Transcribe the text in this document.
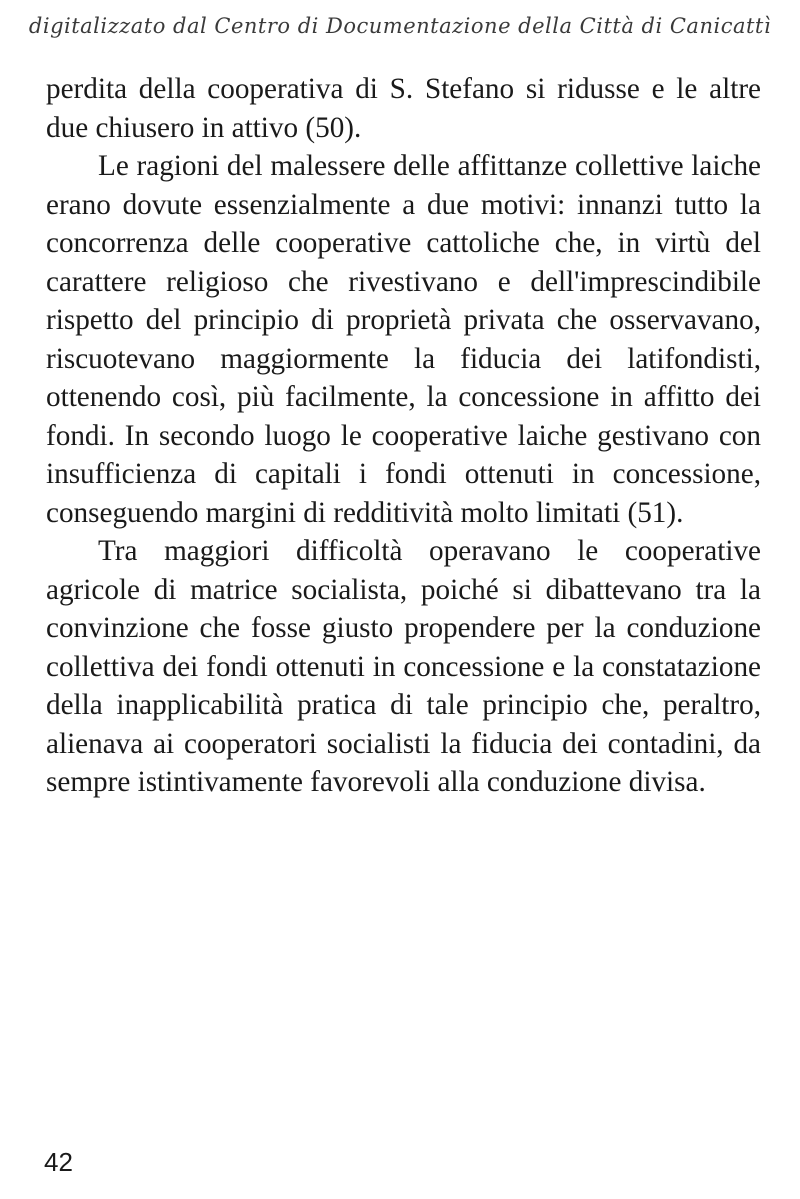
digitalizzato dal Centro di Documentazione della Città di Canicattì

perdita della cooperativa di S. Stefano si ridusse e le altre due chiusero in attivo (50).

Le ragioni del malessere delle affittanze collettive laiche erano dovute essenzialmente a due motivi: innanzi tutto la concorrenza delle cooperative cattoliche che, in virtù del carattere religioso che rivestivano e dell'imprescindibile rispetto del principio di proprietà privata che osservavano, riscuotevano maggiormente la fiducia dei latifondisti, ottenendo così, più facilmente, la concessione in affitto dei fondi. In secondo luogo le cooperative laiche gestivano con insufficienza di capitali i fondi ottenuti in concessione, conseguendo margini di redditività molto limitati (51).

Tra maggiori difficoltà operavano le cooperative agricole di matrice socialista, poiché si dibattevano tra la convinzione che fosse giusto propendere per la conduzione collettiva dei fondi ottenuti in concessione e la constatazione della inapplicabilità pratica di tale principio che, peraltro, alienava ai cooperatori socialisti la fiducia dei contadini, da sempre istintivamente favorevoli alla conduzione divisa.

42
